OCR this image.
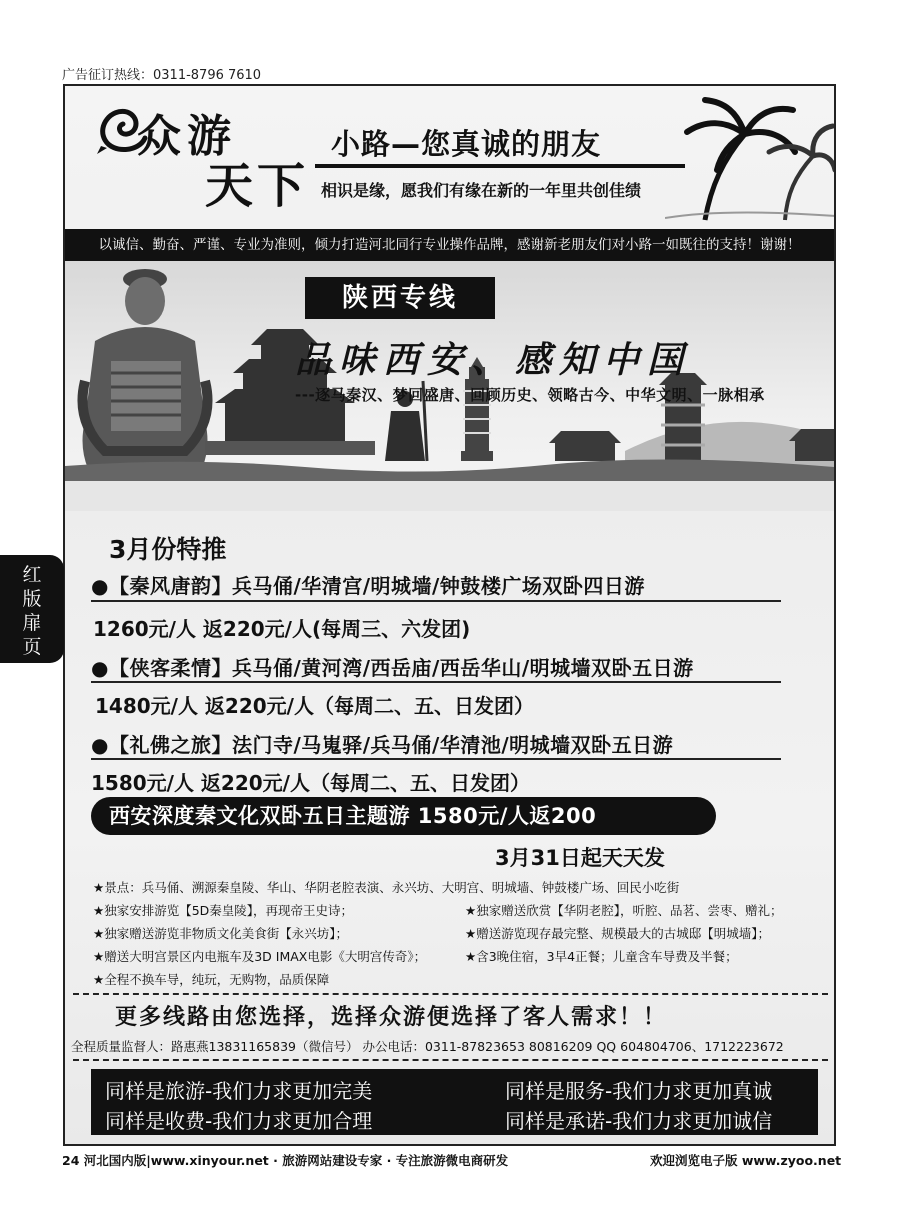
广告征订热线：0311-8796 7610
众游
天下
小路—您真诚的朋友
相识是缘，愿我们有缘在新的一年里共创佳绩
以诚信、勤奋、严谨、专业为准则，倾力打造河北同行专业操作品牌，感谢新老朋友们对小路一如既往的支持！谢谢！
陕西专线
品味西安、感知中国
---逐马秦汉、梦回盛唐、回顾历史、领略古今、中华文明、一脉相承
3月份特推
●【秦风唐韵】兵马俑/华清宫/明城墙/钟鼓楼广场双卧四日游
1260元/人 返220元/人(每周三、六发团)
●【侠客柔情】兵马俑/黄河湾/西岳庙/西岳华山/明城墙双卧五日游
1480元/人 返220元/人（每周二、五、日发团）
●【礼佛之旅】法门寺/马嵬驿/兵马俑/华清池/明城墙双卧五日游
1580元/人 返220元/人（每周二、五、日发团）
西安深度秦文化双卧五日主题游 1580元/人返200
3月31日起天天发
★景点：兵马俑、溯源秦皇陵、华山、华阴老腔表演、永兴坊、大明宫、明城墙、钟鼓楼广场、回民小吃街
★独家安排游览【5D秦皇陵】，再现帝王史诗；
★独家赠送游览非物质文化美食街【永兴坊】；
★赠送大明宫景区内电瓶车及3D IMAX电影《大明宫传奇》；
★全程不换车导，纯玩，无购物，品质保障
★独家赠送欣赏【华阴老腔】，听腔、品茗、尝枣、赠礼；
★赠送游览现存最完整、规模最大的古城邸【明城墙】；
★含3晚住宿，3早4正餐；儿童含车导费及半餐；
更多线路由您选择，选择众游便选择了客人需求！！
全程质量监督人：路惠燕13831165839（微信号） 办公电话：0311-87823653 80816209 QQ 604804706、1712223672
同样是旅游-我们力求更加完美	同样是服务-我们力求更加真诚
同样是收费-我们力求更加合理	同样是承诺-我们力求更加诚信
红
版
扉
页
24 河北国内版|www.xinyour.net · 旅游网站建设专家 · 专注旅游微电商研发	欢迎浏览电子版 www.zyoo.net
